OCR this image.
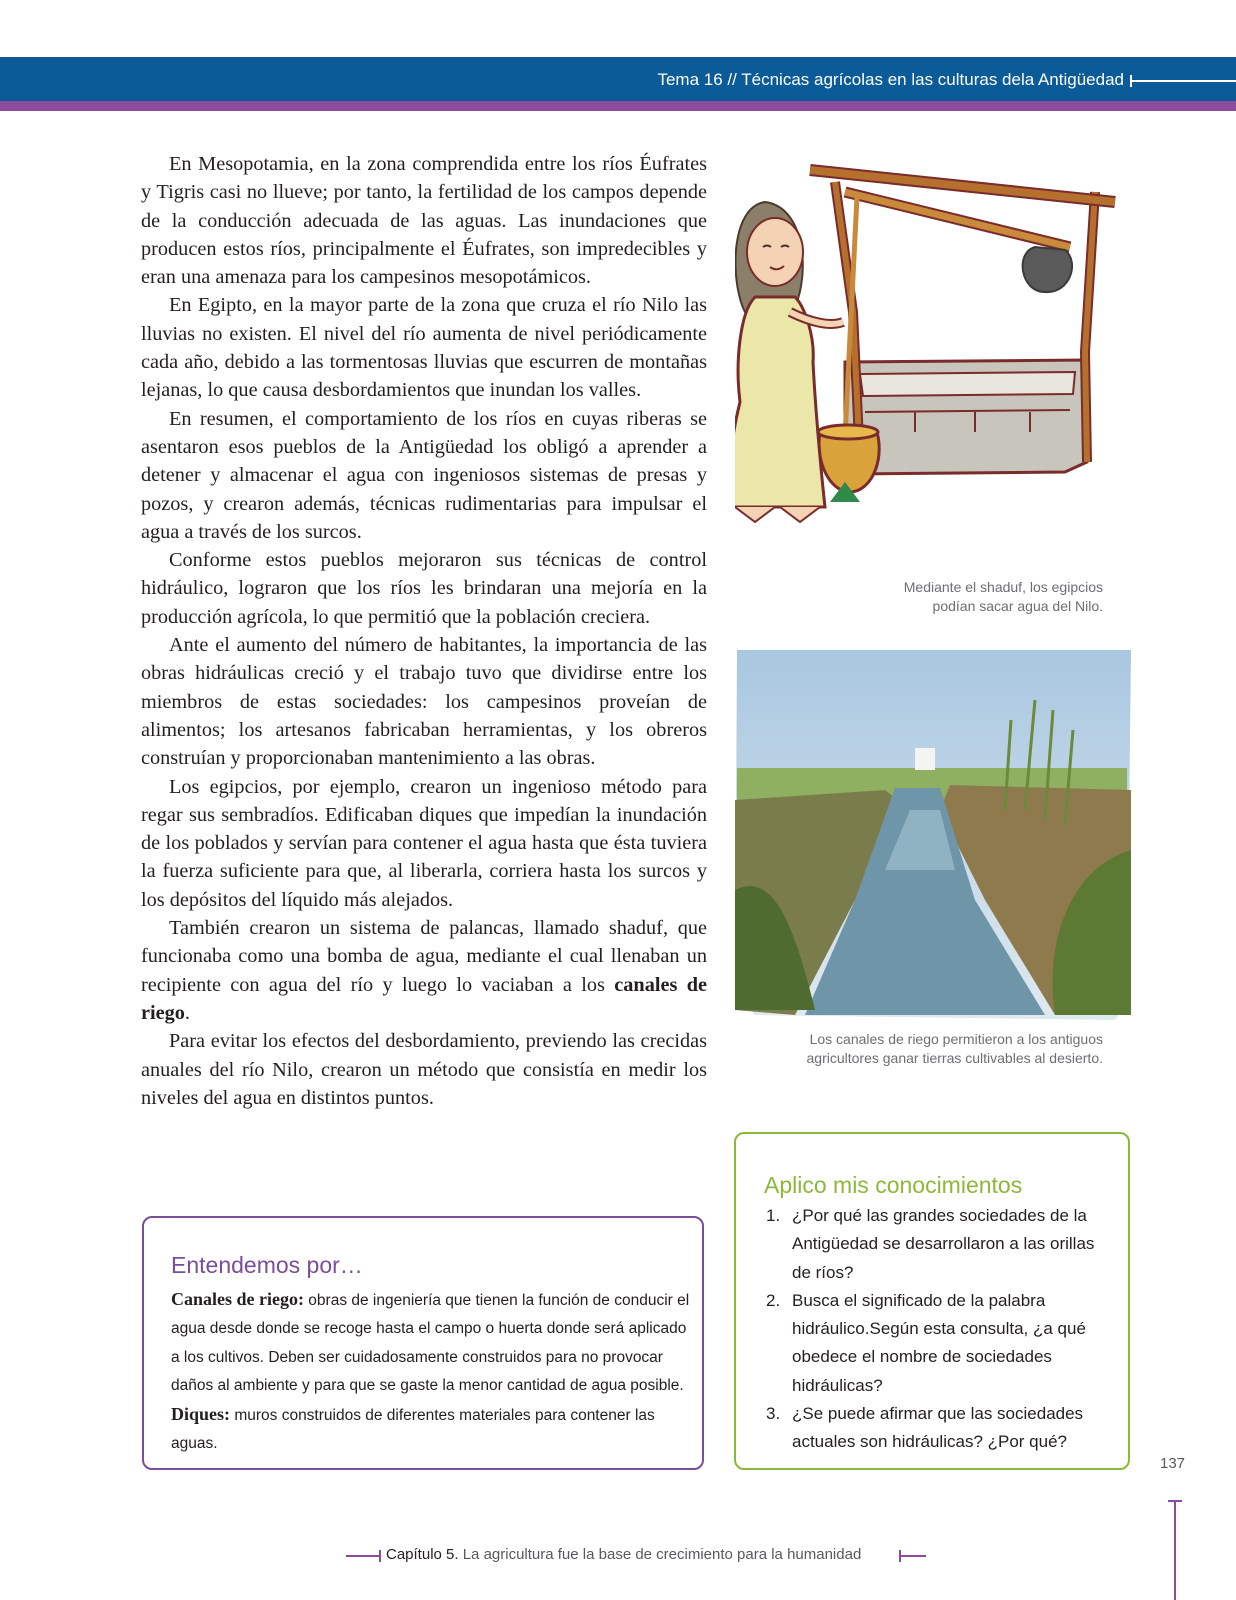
Tema 16 // Técnicas agrícolas en las culturas dela Antigüedad

En Mesopotamia, en la zona comprendida entre los ríos Éufrates y Tigris casi no llueve; por tanto, la fertilidad de los campos depende de la conducción adecuada de las aguas. Las inundaciones que producen estos ríos, principalmente el Éufrates, son impredecibles y eran una amenaza para los campesinos mesopotámicos.

En Egipto, en la mayor parte de la zona que cruza el río Nilo las lluvias no existen. El nivel del río aumenta de nivel periódicamente cada año, debido a las tormentosas lluvias que escurren de montañas lejanas, lo que causa desbordamientos que inundan los valles.

En resumen, el comportamiento de los ríos en cuyas riberas se asentaron esos pueblos de la Antigüedad los obligó a aprender a detener y almacenar el agua con ingeniosos sistemas de presas y pozos, y crearon además, técnicas rudimentarias para impulsar el agua a través de los surcos.

Conforme estos pueblos mejoraron sus técnicas de control hidráulico, lograron que los ríos les brindaran una mejoría en la producción agrícola, lo que permitió que la población creciera.

Ante el aumento del número de habitantes, la importancia de las obras hidráulicas creció y el trabajo tuvo que dividirse entre los miembros de estas sociedades: los campesinos proveían de alimentos; los artesanos fabricaban herramientas, y los obreros construían y proporcionaban mantenimiento a las obras.

Los egipcios, por ejemplo, crearon un ingenioso método para regar sus sembradíos. Edificaban diques que impedían la inundación de los poblados y servían para contener el agua hasta que ésta tuviera la fuerza suficiente para que, al liberarla, corriera hasta los surcos y los depósitos del líquido más alejados.

También crearon un sistema de palancas, llamado shaduf, que funcionaba como una bomba de agua, mediante el cual llenaban un recipiente con agua del río y luego lo vaciaban a los canales de riego.

Para evitar los efectos del desbordamiento, previendo las crecidas anuales del río Nilo, crearon un método que consistía en medir los niveles del agua en distintos puntos.

Mediante el shaduf, los egipcios
podían sacar agua del Nilo.
Los canales de riego permitieron a los antiguos
agricultores ganar tierras cultivables al desierto.
Entendemos por…

Canales de riego: obras de ingeniería que tienen la función de conducir el agua desde donde se recoge hasta el campo o huerta donde será aplicado a los cultivos. Deben ser cuidadosamente construidos para no provocar daños al ambiente y para que se gaste la menor cantidad de agua posible.

Diques: muros construidos de diferentes materiales para contener las aguas.

Aplico mis conocimientos
1. ¿Por qué las grandes sociedades de la Antigüedad se desarrollaron a las orillas de ríos?
2. Busca el significado de la palabra hidráulico.Según esta consulta, ¿a qué obedece el nombre de sociedades hidráulicas?
3. ¿Se puede afirmar que las sociedades actuales son hidráulicas? ¿Por qué?
137
Capítulo 5. La agricultura fue la base de crecimiento para la humanidad
